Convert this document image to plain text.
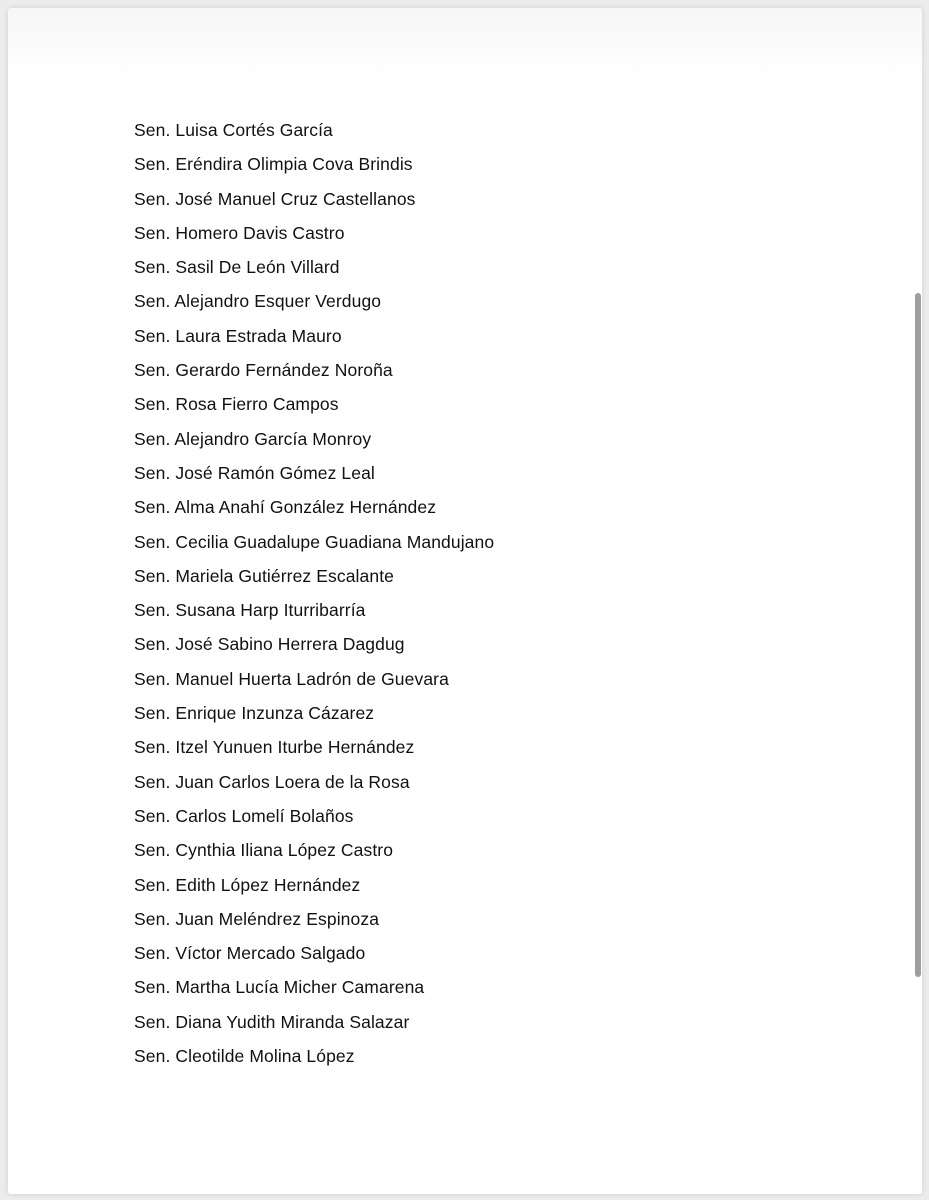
Sen. Luisa Cortés García
Sen. Eréndira Olimpia Cova Brindis
Sen. José Manuel Cruz Castellanos
Sen. Homero Davis Castro
Sen. Sasil De León Villard
Sen. Alejandro Esquer Verdugo
Sen. Laura Estrada Mauro
Sen. Gerardo Fernández Noroña
Sen. Rosa Fierro Campos
Sen. Alejandro García Monroy
Sen. José Ramón Gómez Leal
Sen. Alma Anahí González Hernández
Sen. Cecilia Guadalupe Guadiana Mandujano
Sen. Mariela Gutiérrez Escalante
Sen. Susana Harp Iturribarría
Sen. José Sabino Herrera Dagdug
Sen. Manuel Huerta Ladrón de Guevara
Sen. Enrique Inzunza Cázarez
Sen. Itzel Yunuen Iturbe Hernández
Sen. Juan Carlos Loera de la Rosa
Sen. Carlos Lomelí Bolaños
Sen. Cynthia Iliana López Castro
Sen. Edith López Hernández
Sen. Juan Meléndrez Espinoza
Sen. Víctor Mercado Salgado
Sen. Martha Lucía Micher Camarena
Sen. Diana Yudith Miranda Salazar
Sen. Cleotilde Molina López
